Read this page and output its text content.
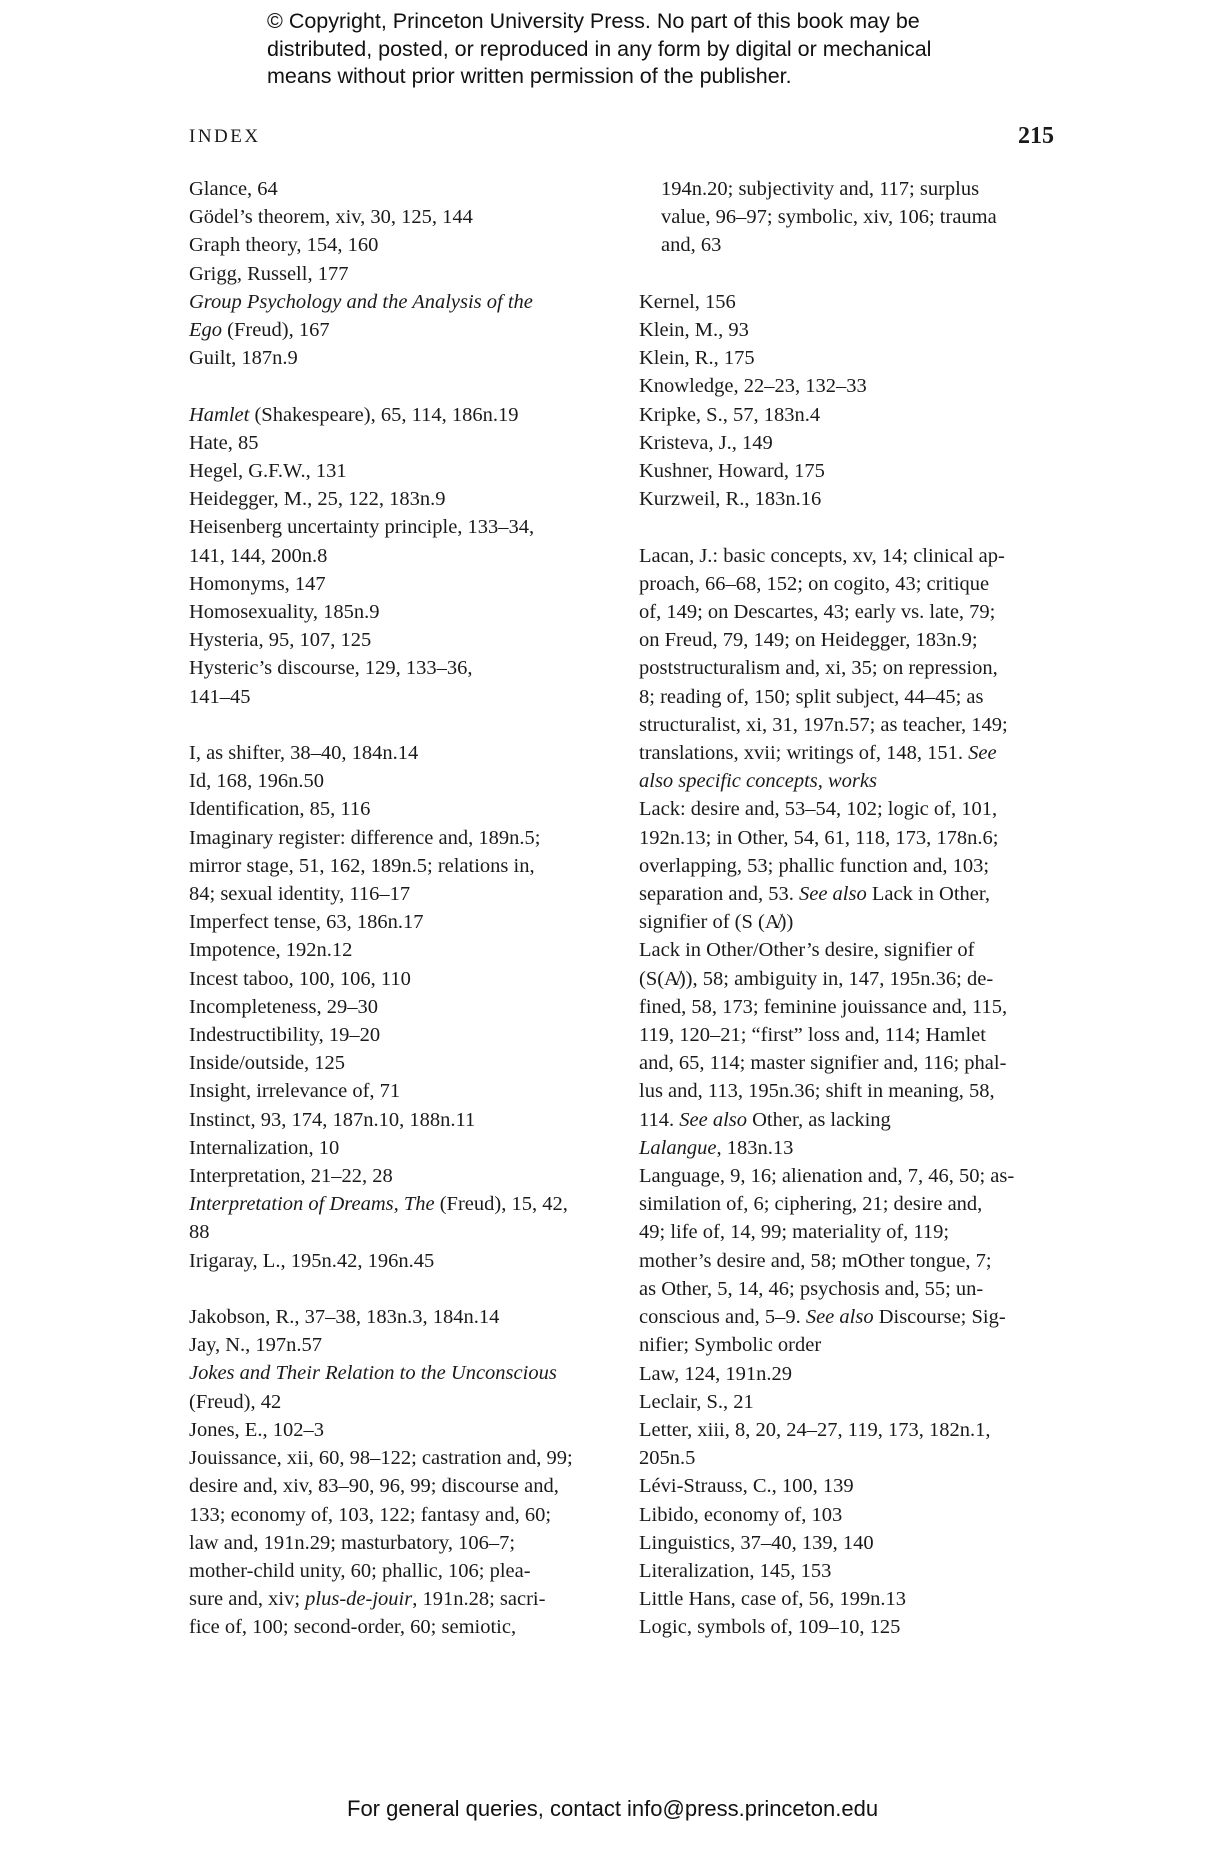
© Copyright, Princeton University Press. No part of this book may be
distributed, posted, or reproduced in any form by digital or mechanical
means without prior written permission of the publisher.
INDEX	215
Glance, 64
Gödel’s theorem, xiv, 30, 125, 144
Graph theory, 154, 160
Grigg, Russell, 177
Group Psychology and the Analysis of the
Ego (Freud), 167
Guilt, 187n.9
Hamlet (Shakespeare), 65, 114, 186n.19
Hate, 85
Hegel, G.F.W., 131
Heidegger, M., 25, 122, 183n.9
Heisenberg uncertainty principle, 133–34,
141, 144, 200n.8
Homonyms, 147
Homosexuality, 185n.9
Hysteria, 95, 107, 125
Hysteric’s discourse, 129, 133–36,
141–45
I, as shifter, 38–40, 184n.14
Id, 168, 196n.50
Identification, 85, 116
Imaginary register: difference and, 189n.5;
mirror stage, 51, 162, 189n.5; relations in,
84; sexual identity, 116–17
Imperfect tense, 63, 186n.17
Impotence, 192n.12
Incest taboo, 100, 106, 110
Incompleteness, 29–30
Indestructibility, 19–20
Inside/outside, 125
Insight, irrelevance of, 71
Instinct, 93, 174, 187n.10, 188n.11
Internalization, 10
Interpretation, 21–22, 28
Interpretation of Dreams, The (Freud), 15, 42,
88
Irigaray, L., 195n.42, 196n.45
Jakobson, R., 37–38, 183n.3, 184n.14
Jay, N., 197n.57
Jokes and Their Relation to the Unconscious
(Freud), 42
Jones, E., 102–3
Jouissance, xii, 60, 98–122; castration and, 99;
desire and, xiv, 83–90, 96, 99; discourse and,
133; economy of, 103, 122; fantasy and, 60;
law and, 191n.29; masturbatory, 106–7;
mother-child unity, 60; phallic, 106; plea-
sure and, xiv; plus-de-jouir, 191n.28; sacri-
fice of, 100; second-order, 60; semiotic,
194n.20; subjectivity and, 117; surplus
value, 96–97; symbolic, xiv, 106; trauma
and, 63
Kernel, 156
Klein, M., 93
Klein, R., 175
Knowledge, 22–23, 132–33
Kripke, S., 57, 183n.4
Kristeva, J., 149
Kushner, Howard, 175
Kurzweil, R., 183n.16
Lacan, J.: basic concepts, xv, 14; clinical ap-
proach, 66–68, 152; on cogito, 43; critique
of, 149; on Descartes, 43; early vs. late, 79;
on Freud, 79, 149; on Heidegger, 183n.9;
poststructuralism and, xi, 35; on repression,
8; reading of, 150; split subject, 44–45; as
structuralist, xi, 31, 197n.57; as teacher, 149;
translations, xvii; writings of, 148, 151. See
also specific concepts, works
Lack: desire and, 53–54, 102; logic of, 101,
192n.13; in Other, 54, 61, 118, 173, 178n.6;
overlapping, 53; phallic function and, 103;
separation and, 53. See also Lack in Other,
signifier of (S (A̸))
Lack in Other/Other’s desire, signifier of
(S(A̸)), 58; ambiguity in, 147, 195n.36; de-
fined, 58, 173; feminine jouissance and, 115,
119, 120–21; “first” loss and, 114; Hamlet
and, 65, 114; master signifier and, 116; phal-
lus and, 113, 195n.36; shift in meaning, 58,
114. See also Other, as lacking
Lalangue, 183n.13
Language, 9, 16; alienation and, 7, 46, 50; as-
similation of, 6; ciphering, 21; desire and,
49; life of, 14, 99; materiality of, 119;
mother’s desire and, 58; mOther tongue, 7;
as Other, 5, 14, 46; psychosis and, 55; un-
conscious and, 5–9. See also Discourse; Sig-
nifier; Symbolic order
Law, 124, 191n.29
Leclair, S., 21
Letter, xiii, 8, 20, 24–27, 119, 173, 182n.1,
205n.5
Lévi-Strauss, C., 100, 139
Libido, economy of, 103
Linguistics, 37–40, 139, 140
Literalization, 145, 153
Little Hans, case of, 56, 199n.13
Logic, symbols of, 109–10, 125
For general queries, contact info@press.princeton.edu
